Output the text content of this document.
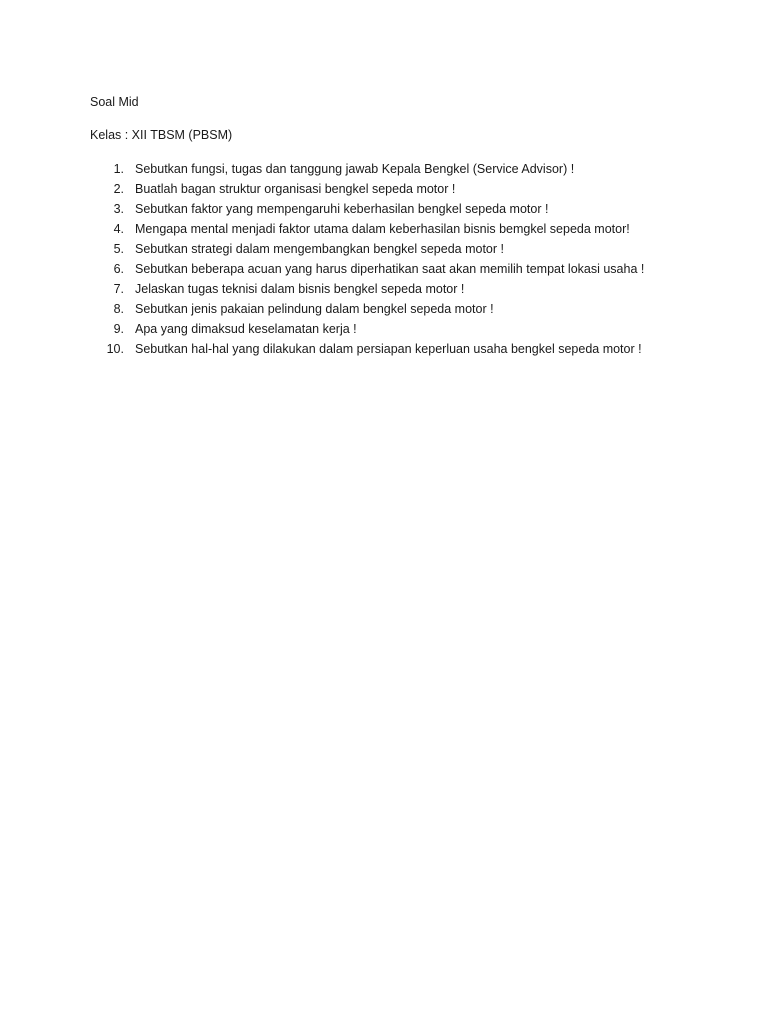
Soal Mid

Kelas : XII TBSM (PBSM)

1. Sebutkan fungsi, tugas dan tanggung jawab Kepala Bengkel (Service Advisor) !
2. Buatlah bagan struktur organisasi bengkel sepeda motor !
3. Sebutkan faktor yang mempengaruhi keberhasilan bengkel sepeda motor !
4. Mengapa mental menjadi faktor utama dalam keberhasilan bisnis bemgkel sepeda motor!
5. Sebutkan strategi dalam mengembangkan bengkel sepeda motor !
6. Sebutkan beberapa acuan yang harus diperhatikan saat akan memilih tempat lokasi usaha !
7. Jelaskan tugas teknisi dalam bisnis bengkel sepeda motor !
8. Sebutkan jenis pakaian pelindung dalam bengkel sepeda motor !
9. Apa yang dimaksud keselamatan kerja !
10. Sebutkan hal-hal yang dilakukan dalam persiapan keperluan usaha bengkel sepeda motor !
